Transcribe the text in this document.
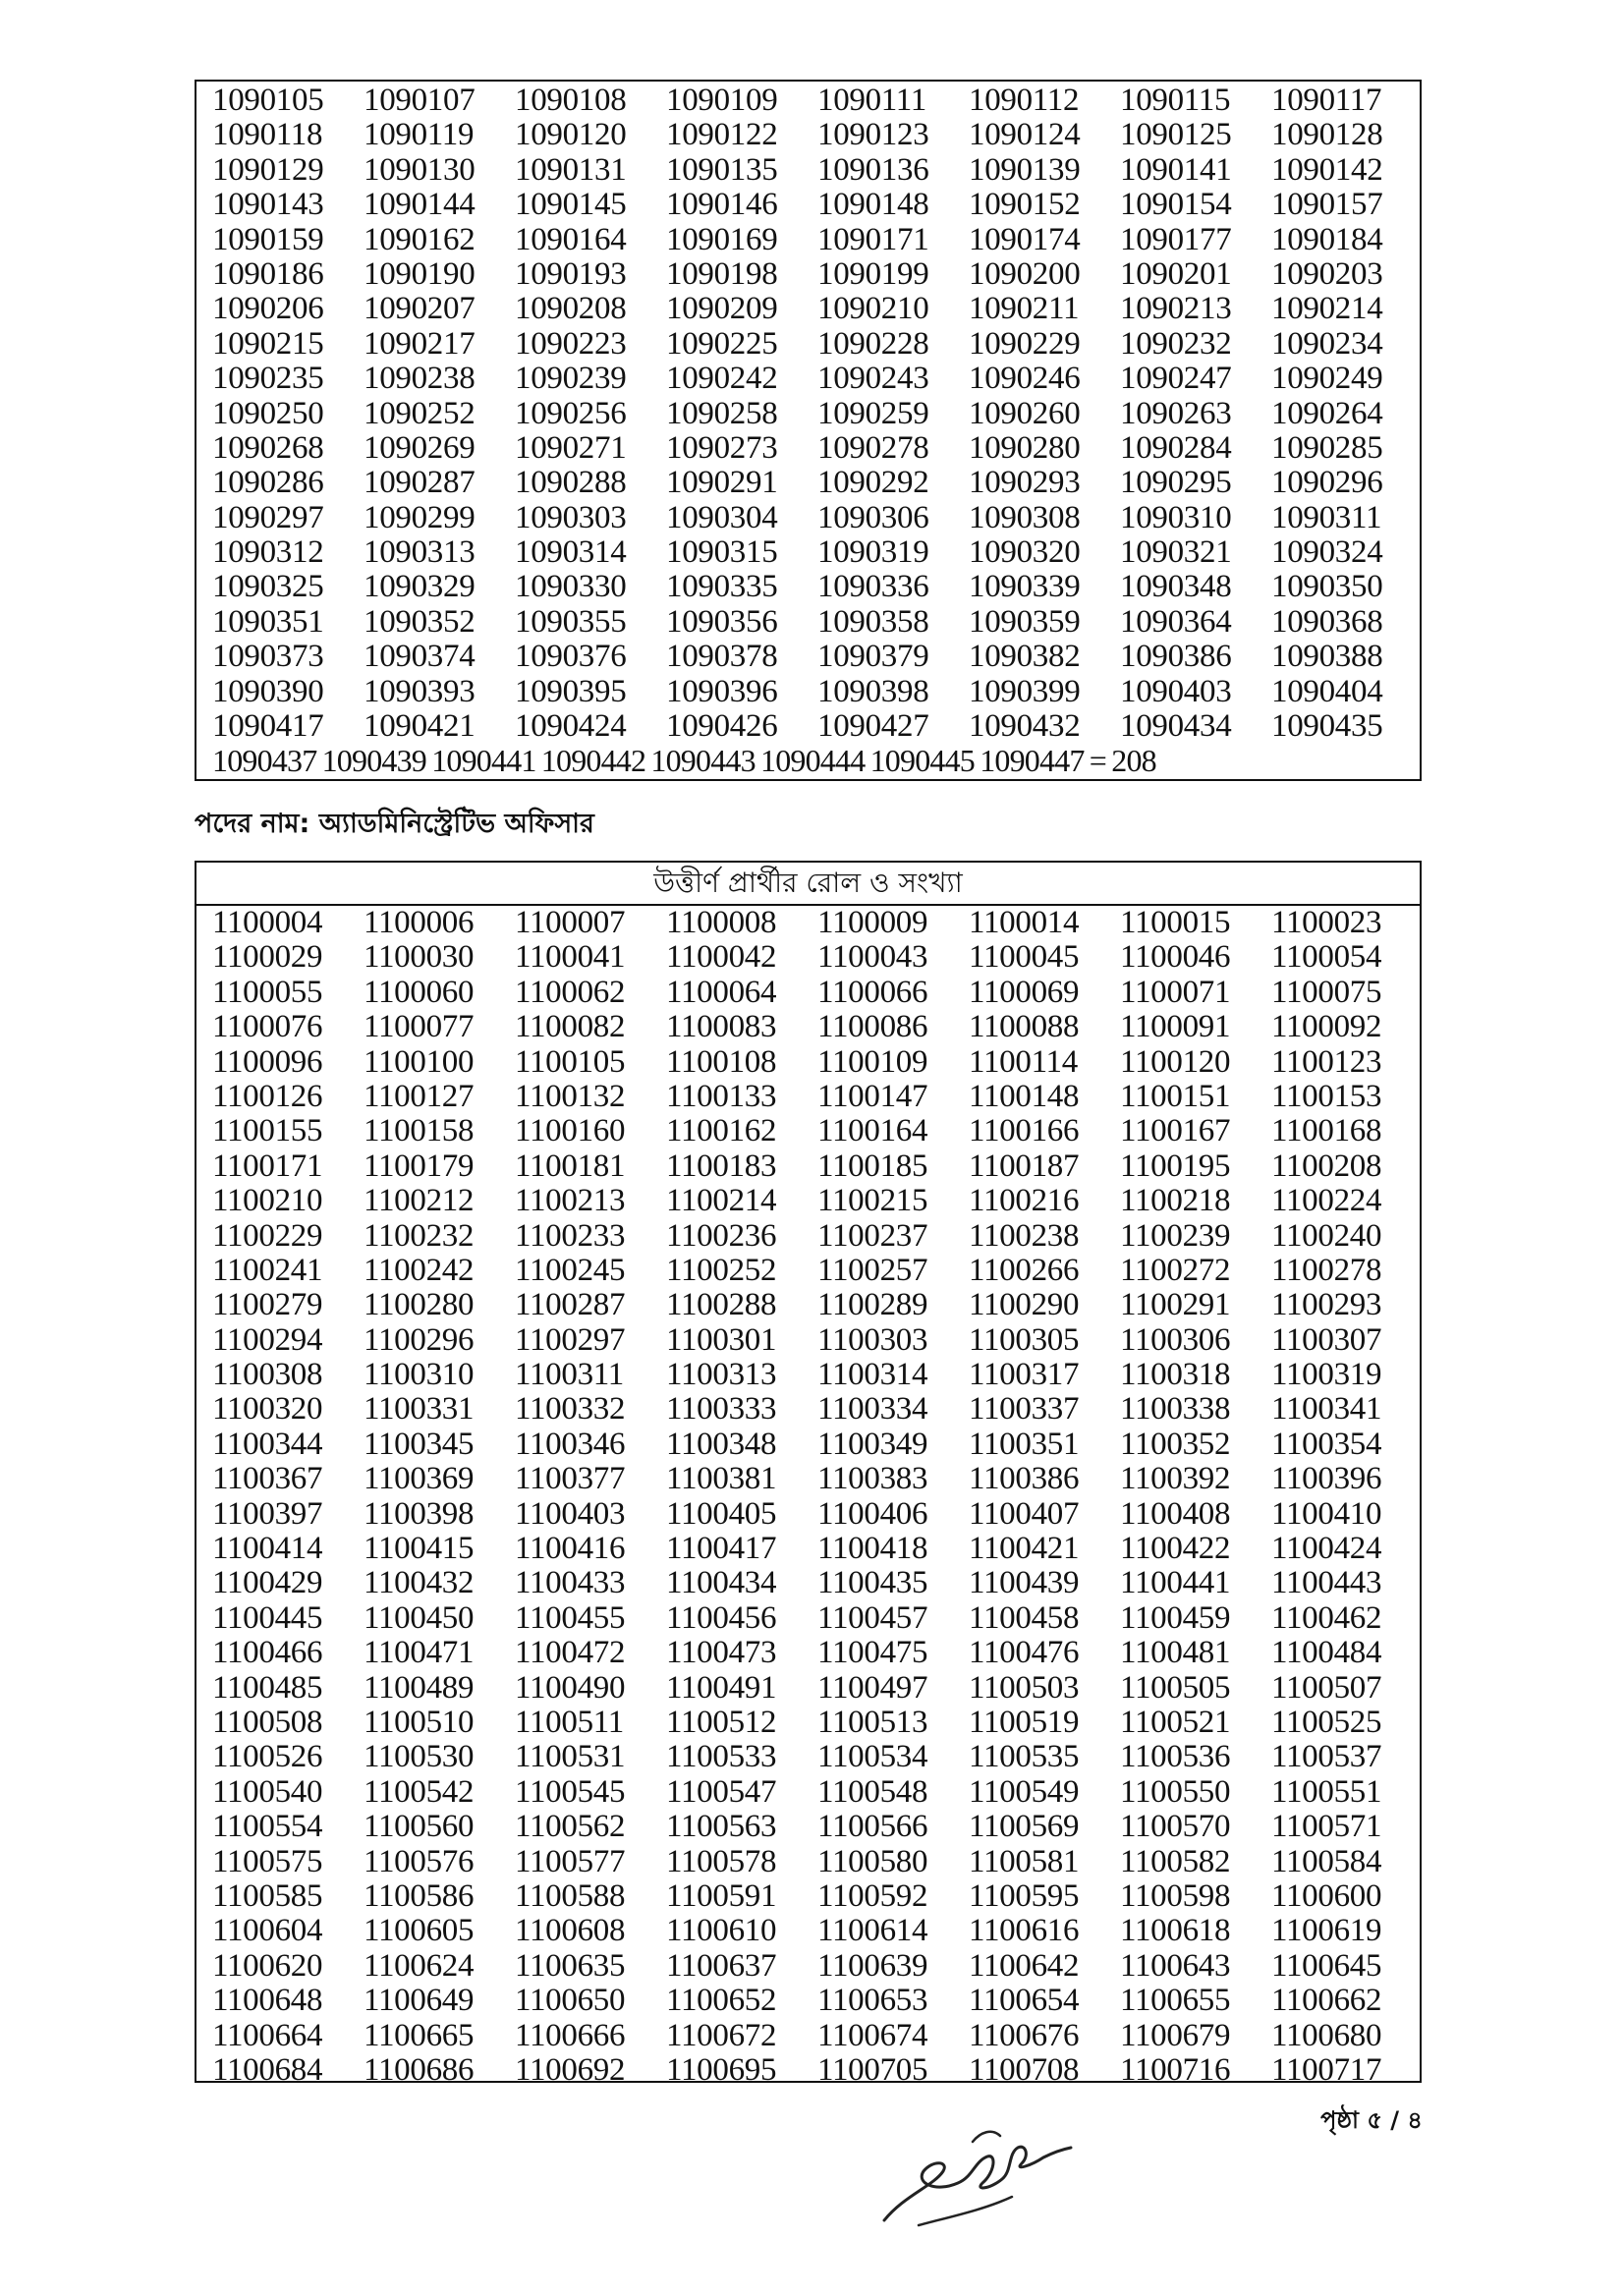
1090105	1090107	1090108	1090109	1090111	1090112	1090115	1090117
1090118	1090119	1090120	1090122	1090123	1090124	1090125	1090128
1090129	1090130	1090131	1090135	1090136	1090139	1090141	1090142
1090143	1090144	1090145	1090146	1090148	1090152	1090154	1090157
1090159	1090162	1090164	1090169	1090171	1090174	1090177	1090184
1090186	1090190	1090193	1090198	1090199	1090200	1090201	1090203
1090206	1090207	1090208	1090209	1090210	1090211	1090213	1090214
1090215	1090217	1090223	1090225	1090228	1090229	1090232	1090234
1090235	1090238	1090239	1090242	1090243	1090246	1090247	1090249
1090250	1090252	1090256	1090258	1090259	1090260	1090263	1090264
1090268	1090269	1090271	1090273	1090278	1090280	1090284	1090285
1090286	1090287	1090288	1090291	1090292	1090293	1090295	1090296
1090297	1090299	1090303	1090304	1090306	1090308	1090310	1090311
1090312	1090313	1090314	1090315	1090319	1090320	1090321	1090324
1090325	1090329	1090330	1090335	1090336	1090339	1090348	1090350
1090351	1090352	1090355	1090356	1090358	1090359	1090364	1090368
1090373	1090374	1090376	1090378	1090379	1090382	1090386	1090388
1090390	1090393	1090395	1090396	1090398	1090399	1090403	1090404
1090417	1090421	1090424	1090426	1090427	1090432	1090434	1090435
1090437 1090439 1090441 1090442 1090443 1090444 1090445 1090447 = 208
পদের নাম: অ্যাডমিনিস্ট্রেটিভ অফিসার
উত্তীর্ণ প্রার্থীর রোল ও সংখ্যা
1100004	1100006	1100007	1100008	1100009	1100014	1100015	1100023
1100029	1100030	1100041	1100042	1100043	1100045	1100046	1100054
1100055	1100060	1100062	1100064	1100066	1100069	1100071	1100075
1100076	1100077	1100082	1100083	1100086	1100088	1100091	1100092
1100096	1100100	1100105	1100108	1100109	1100114	1100120	1100123
1100126	1100127	1100132	1100133	1100147	1100148	1100151	1100153
1100155	1100158	1100160	1100162	1100164	1100166	1100167	1100168
1100171	1100179	1100181	1100183	1100185	1100187	1100195	1100208
1100210	1100212	1100213	1100214	1100215	1100216	1100218	1100224
1100229	1100232	1100233	1100236	1100237	1100238	1100239	1100240
1100241	1100242	1100245	1100252	1100257	1100266	1100272	1100278
1100279	1100280	1100287	1100288	1100289	1100290	1100291	1100293
1100294	1100296	1100297	1100301	1100303	1100305	1100306	1100307
1100308	1100310	1100311	1100313	1100314	1100317	1100318	1100319
1100320	1100331	1100332	1100333	1100334	1100337	1100338	1100341
1100344	1100345	1100346	1100348	1100349	1100351	1100352	1100354
1100367	1100369	1100377	1100381	1100383	1100386	1100392	1100396
1100397	1100398	1100403	1100405	1100406	1100407	1100408	1100410
1100414	1100415	1100416	1100417	1100418	1100421	1100422	1100424
1100429	1100432	1100433	1100434	1100435	1100439	1100441	1100443
1100445	1100450	1100455	1100456	1100457	1100458	1100459	1100462
1100466	1100471	1100472	1100473	1100475	1100476	1100481	1100484
1100485	1100489	1100490	1100491	1100497	1100503	1100505	1100507
1100508	1100510	1100511	1100512	1100513	1100519	1100521	1100525
1100526	1100530	1100531	1100533	1100534	1100535	1100536	1100537
1100540	1100542	1100545	1100547	1100548	1100549	1100550	1100551
1100554	1100560	1100562	1100563	1100566	1100569	1100570	1100571
1100575	1100576	1100577	1100578	1100580	1100581	1100582	1100584
1100585	1100586	1100588	1100591	1100592	1100595	1100598	1100600
1100604	1100605	1100608	1100610	1100614	1100616	1100618	1100619
1100620	1100624	1100635	1100637	1100639	1100642	1100643	1100645
1100648	1100649	1100650	1100652	1100653	1100654	1100655	1100662
1100664	1100665	1100666	1100672	1100674	1100676	1100679	1100680
1100684	1100686	1100692	1100695	1100705	1100708	1100716	1100717
পৃষ্ঠা ৫ / ৪
